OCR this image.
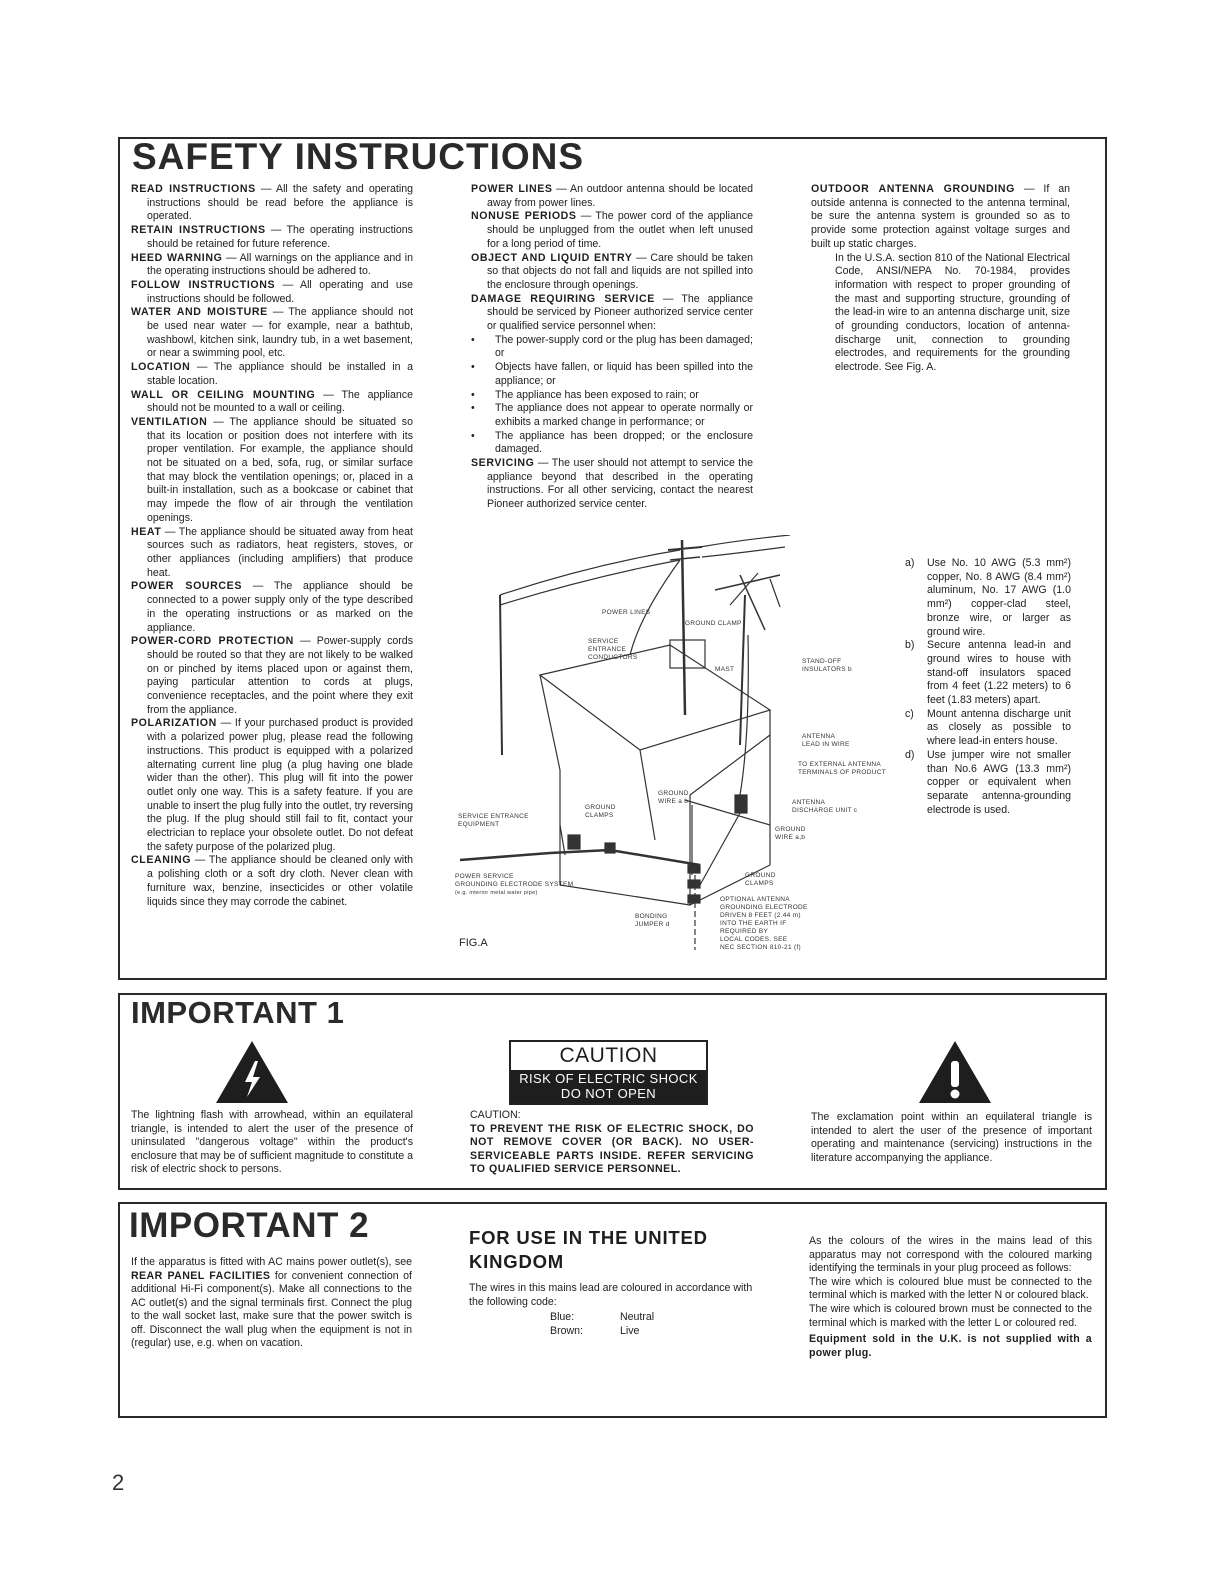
SAFETY INSTRUCTIONS

READ INSTRUCTIONS — All the safety and operating instructions should be read before the appliance is operated.

RETAIN INSTRUCTIONS — The operating instructions should be retained for future reference.

HEED WARNING — All warnings on the appliance and in the operating instructions should be adhered to.

FOLLOW INSTRUCTIONS — All operating and use instructions should be followed.

WATER AND MOISTURE — The appliance should not be used near water — for example, near a bathtub, washbowl, kitchen sink, laundry tub, in a wet basement, or near a swimming pool, etc.

LOCATION — The appliance should be installed in a stable location.

WALL OR CEILING MOUNTING — The appliance should not be mounted to a wall or ceiling.

VENTILATION — The appliance should be situated so that its location or position does not interfere with its proper ventilation. For example, the appliance should not be situated on a bed, sofa, rug, or similar surface that may block the ventilation openings; or, placed in a built-in installation, such as a bookcase or cabinet that may impede the flow of air through the ventilation openings.

HEAT — The appliance should be situated away from heat sources such as radiators, heat registers, stoves, or other appliances (including amplifiers) that produce heat.

POWER SOURCES — The appliance should be connected to a power supply only of the type described in the operating instructions or as marked on the appliance.

POWER-CORD PROTECTION — Power-supply cords should be routed so that they are not likely to be walked on or pinched by items placed upon or against them, paying particular attention to cords at plugs, convenience receptacles, and the point where they exit from the appliance.

POLARIZATION — If your purchased product is provided with a polarized power plug, please read the following instructions. This product is equipped with a polarized alternating current line plug (a plug having one blade wider than the other). This plug will fit into the power outlet only one way. This is a safety feature. If you are unable to insert the plug fully into the outlet, try reversing the plug. If the plug should still fail to fit, contact your electrician to replace your obsolete outlet. Do not defeat the safety purpose of the polarized plug.

CLEANING — The appliance should be cleaned only with a polishing cloth or a soft dry cloth. Never clean with furniture wax, benzine, insecticides or other volatile liquids since they may corrode the cabinet.

POWER LINES — An outdoor antenna should be located away from power lines.

NONUSE PERIODS — The power cord of the appliance should be unplugged from the outlet when left unused for a long period of time.

OBJECT AND LIQUID ENTRY — Care should be taken so that objects do not fall and liquids are not spilled into the enclosure through openings.

DAMAGE REQUIRING SERVICE — The appliance should be serviced by Pioneer authorized service center or qualified service personnel when:

• The power-supply cord or the plug has been damaged; or

• Objects have fallen, or liquid has been spilled into the appliance; or

• The appliance has been exposed to rain; or

• The appliance does not appear to operate normally or exhibits a marked change in performance; or

• The appliance has been dropped; or the enclosure damaged.

SERVICING — The user should not attempt to service the appliance beyond that described in the operating instructions. For all other servicing, contact the nearest Pioneer authorized service center.

OUTDOOR ANTENNA GROUNDING — If an outside antenna is connected to the antenna terminal, be sure the antenna system is grounded so as to provide some protection against voltage surges and built up static charges.

In the U.S.A. section 810 of the National Electrical Code, ANSI/NEPA No. 70-1984, provides information with respect to proper grounding of the mast and supporting structure, grounding of the lead-in wire to an antenna discharge unit, size of grounding conductors, location of antenna-discharge unit, connection to grounding electrodes, and requirements for the grounding electrode. See Fig. A.

a)	Use No. 10 AWG (5.3 mm²) copper, No. 8 AWG (8.4 mm²) aluminum, No. 17 AWG (1.0 mm²) copper-clad steel, bronze wire, or larger as ground wire.
b)	Secure antenna lead-in and ground wires to house with stand-off insulators spaced from 4 feet (1.22 meters) to 6 feet (1.83 meters) apart.
c)	Mount antenna discharge unit as closely as possible to where lead-in enters house.
d)	Use jumper wire not smaller than No.6 AWG (13.3 mm²) copper or equivalent when separate antenna-grounding electrode is used.
POWER LINES
GROUND CLAMP
SERVICE
ENTRANCE
CONDUCTORS
MAST
STAND-OFF
INSULATORS b
ANTENNA
LEAD IN WIRE
TO EXTERNAL ANTENNA
TERMINALS OF PRODUCT
ANTENNA
DISCHARGE UNIT c
GROUND
WIRE a b
GROUND
WIRE a,b
SERVICE ENTRANCE
EQUIPMENT
GROUND
CLAMPS
GROUND
CLAMPS
POWER SERVICE
GROUNDING ELECTRODE SYSTEM
(e.g. interior metal water pipe)
BONDING
JUMPER d
OPTIONAL ANTENNA
GROUNDING ELECTRODE
DRIVEN 8 FEET (2.44 m)
INTO THE EARTH IF
REQUIRED BY
LOCAL CODES. SEE
NEC SECTION 810-21 (f)
FIG.A
IMPORTANT 1

The lightning flash with arrowhead, within an equilateral triangle, is intended to alert the user of the presence of uninsulated "dangerous voltage" within the product's enclosure that may be of sufficient magnitude to constitute a risk of electric shock to persons.

CAUTION
RISK OF ELECTRIC SHOCK
DO NOT OPEN
CAUTION:

TO PREVENT THE RISK OF ELECTRIC SHOCK, DO NOT REMOVE COVER (OR BACK). NO USER-SERVICEABLE PARTS INSIDE. REFER SERVICING TO QUALIFIED SERVICE PERSONNEL.

The exclamation point within an equilateral triangle is intended to alert the user of the presence of important operating and maintenance (servicing) instructions in the literature accompanying the appliance.

IMPORTANT 2

If the apparatus is fitted with AC mains power outlet(s), see REAR PANEL FACILITIES for convenient connection of additional Hi-Fi component(s). Make all connections to the AC outlet(s) and the signal terminals first. Connect the plug to the wall socket last, make sure that the power switch is off. Disconnect the wall plug when the equipment is not in (regular) use, e.g. when on vacation.

FOR USE IN THE UNITED KINGDOM

The wires in this mains lead are coloured in accordance with the following code:

Blue:	Neutral
Brown:	Live

As the colours of the wires in the mains lead of this apparatus may not correspond with the coloured marking identifying the terminals in your plug proceed as follows:

The wire which is coloured blue must be connected to the terminal which is marked with the letter N or coloured black.

The wire which is coloured brown must be connected to the terminal which is marked with the letter L or coloured red.

Equipment sold in the U.K. is not supplied with a power plug.

2
